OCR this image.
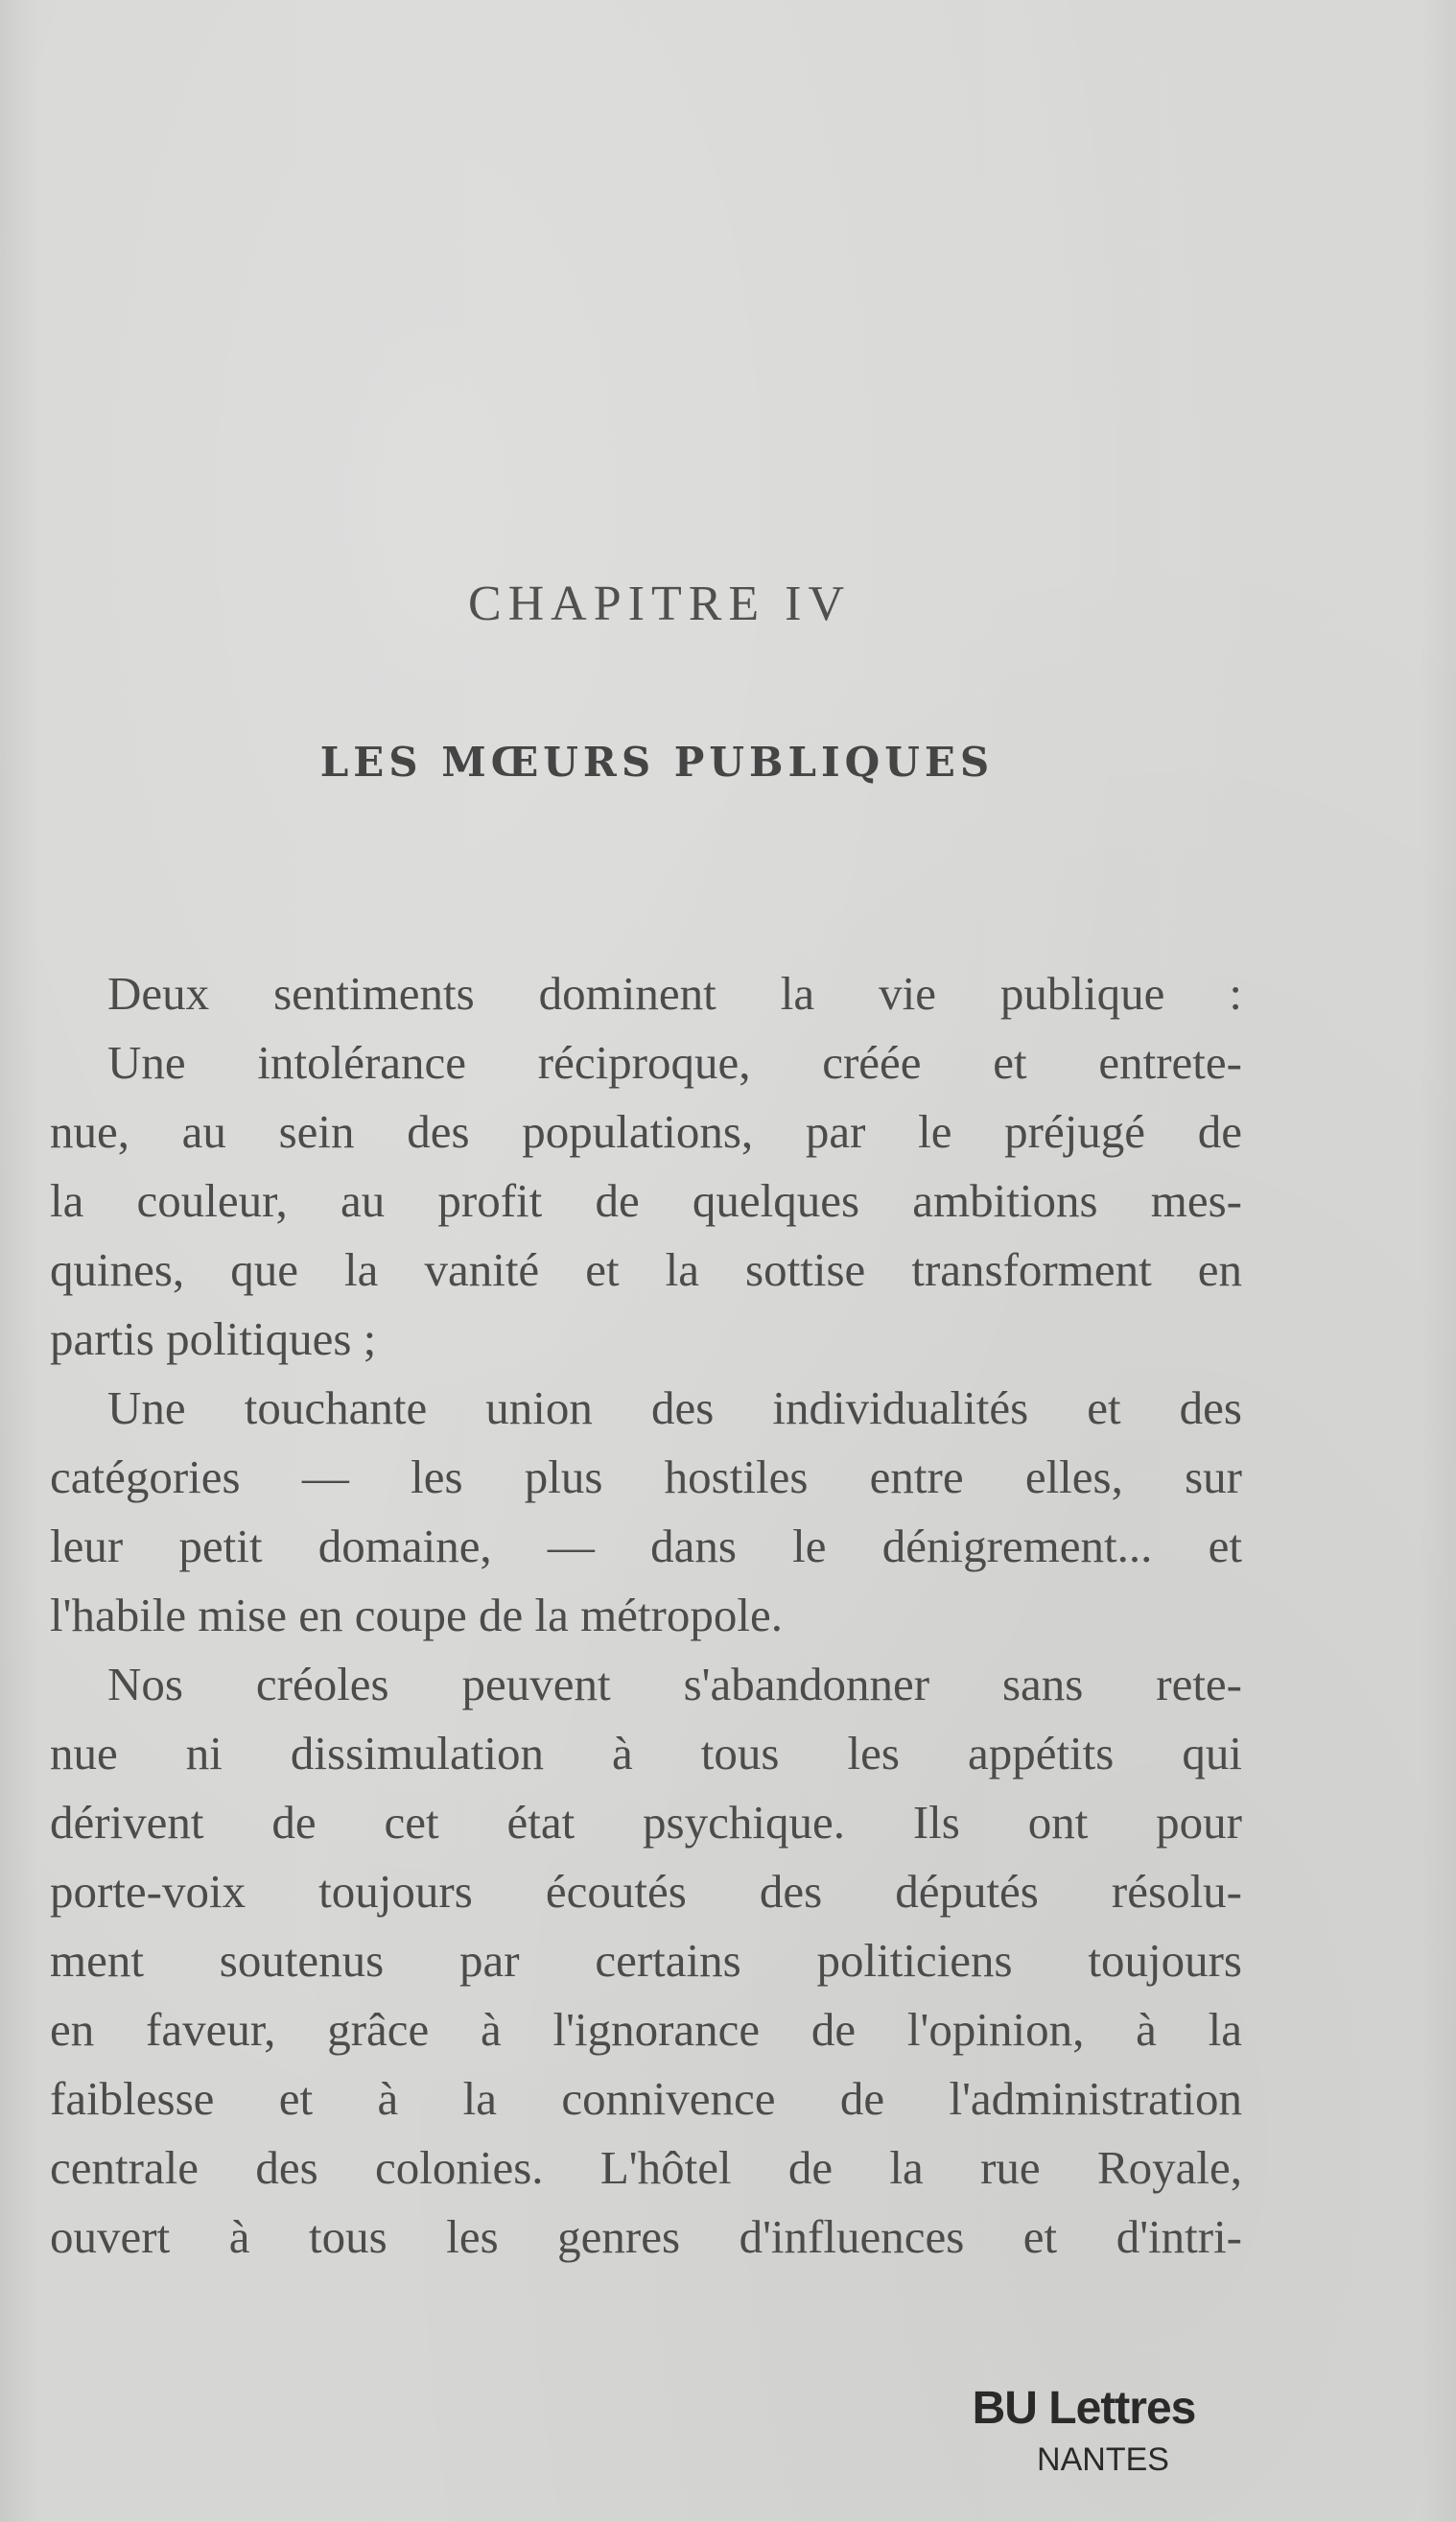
CHAPITRE IV
LES MŒURS PUBLIQUES
Deux sentiments dominent la vie publique :
Une intolérance réciproque, créée et entrete-
nue, au sein des populations, par le préjugé de
la couleur, au profit de quelques ambitions mes-
quines, que la vanité et la sottise transforment en
partis politiques ;
Une touchante union des individualités et des
catégories — les plus hostiles entre elles, sur
leur petit domaine, — dans le dénigrement... et
l'habile mise en coupe de la métropole.
Nos créoles peuvent s'abandonner sans rete-
nue ni dissimulation à tous les appétits qui
dérivent de cet état psychique. Ils ont pour
porte-voix toujours écoutés des députés résolu-
ment soutenus par certains politiciens toujours
en faveur, grâce à l'ignorance de l'opinion, à la
faiblesse et à la connivence de l'administration
centrale des colonies. L'hôtel de la rue Royale,
ouvert à tous les genres d'influences et d'intri-
BU Lettres
NANTES
